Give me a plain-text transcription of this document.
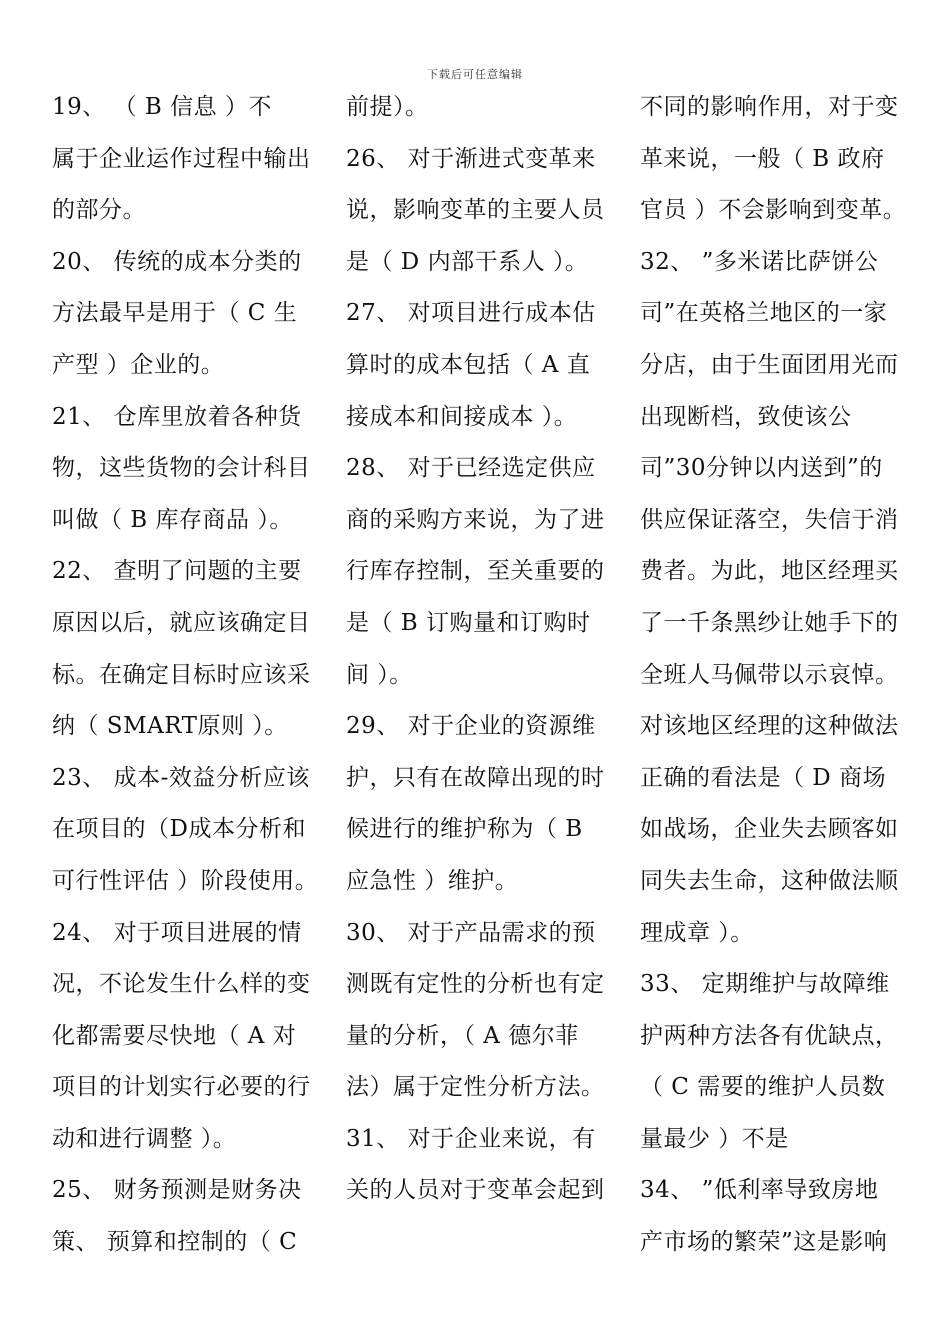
下载后可任意编辑
19、 （ B 信息 ）不
属于企业运作过程中输出
的部分。
20、 传统的成本分类的
方法最早是用于（ C 生
产型 ）企业的。
21、 仓库里放着各种货
物，这些货物的会计科目
叫做（ B 库存商品 ）。
22、 查明了问题的主要
原因以后，就应该确定目
标。在确定目标时应该采
纳（ SMART原则 ）。
23、 成本-效益分析应该
在项目的（D成本分析和
可行性评估 ）阶段使用。
24、 对于项目进展的情
况，不论发生什么样的变
化都需要尽快地（ A 对
项目的计划实行必要的行
动和进行调整 ）。
25、 财务预测是财务决
策、 预算和控制的（ C
前提）。
26、 对于渐进式变革来
说，影响变革的主要人员
是（ D 内部干系人 ）。
27、 对项目进行成本估
算时的成本包括（ A 直
接成本和间接成本 ）。
28、 对于已经选定供应
商的采购方来说，为了进
行库存控制，至关重要的
是（ B 订购量和订购时
间 ）。
29、 对于企业的资源维
护，只有在故障出现的时
候进行的维护称为（ B
应急性 ）维护。
30、 对于产品需求的预
测既有定性的分析也有定
量的分析，（ A 德尔菲
法）属于定性分析方法。
31、 对于企业来说，有
关的人员对于变革会起到
不同的影响作用，对于变
革来说，一般（ B 政府
官员 ）不会影响到变革。
32、 ”多米诺比萨饼公
司”在英格兰地区的一家
分店，由于生面团用光而
出现断档，致使该公
司”30分钟以内送到”的
供应保证落空，失信于消
费者。为此，地区经理买
了一千条黑纱让她手下的
全班人马佩带以示哀悼。
对该地区经理的这种做法
正确的看法是（ D 商场
如战场，企业失去顾客如
同失去生命，这种做法顺
理成章 ）。
33、 定期维护与故障维
护两种方法各有优缺点，
（ C 需要的维护人员数
量最少 ）不是
34、 ”低利率导致房地
产市场的繁荣”这是影响
